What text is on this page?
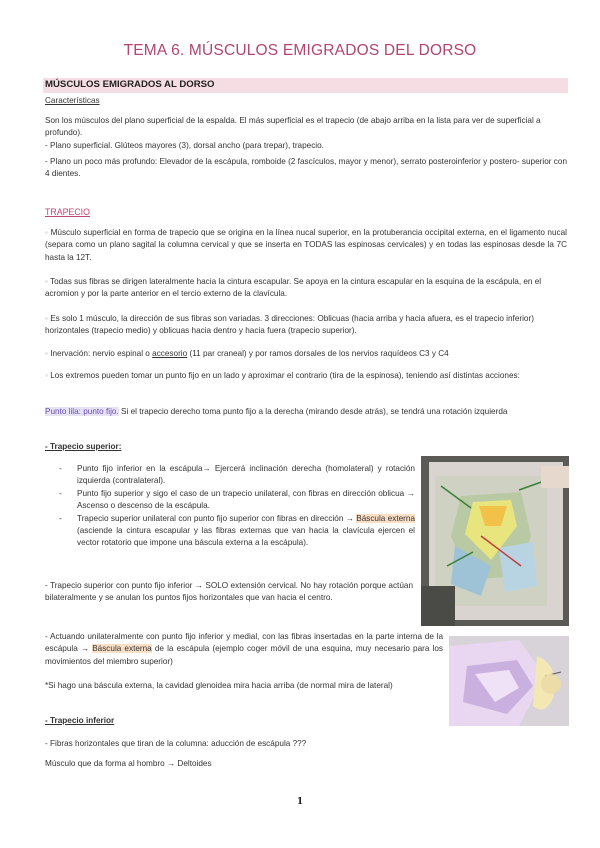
TEMA 6. MÚSCULOS EMIGRADOS DEL DORSO
MÚSCULOS EMIGRADOS AL DORSO
Características
Son los músculos del plano superficial de la espalda. El más superficial es el trapecio (de abajo arriba en la lista para ver de superficial a profundo).
- Plano superficial. Glúteos mayores (3), dorsal ancho (para trepar), trapecio.
- Plano un poco más profundo: Elevador de la escápula, romboide (2 fascículos, mayor y menor), serrato posteroinferior y postero- superior con 4 dientes.
TRAPECIO
◦ Músculo superficial en forma de trapecio que se origina en la línea nucal superior, en la protuberancia occipital externa, en el ligamento nucal (separa como un plano sagital la columna cervical y que se inserta en TODAS las espinosas cervicales) y en todas las espinosas desde la 7C hasta la 12T.
◦ Todas sus fibras se dirigen lateralmente hacia la cintura escapular. Se apoya en la cintura escapular en la esquina de la escápula, en el acromion y por la parte anterior en el tercio externo de la clavícula.
◦ Es solo 1 músculo, la dirección de sus fibras son variadas. 3 direcciones: Oblicuas (hacia arriba y hacia afuera, es el trapecio inferior) horizontales (trapecio medio) y oblicuas hacia dentro y hacia fuera (trapecio superior).
◦ Inervación: nervio espinal o accesorio (11 par craneal) y por ramos dorsales de los nervios raquídeos C3 y C4
◦ Los extremos pueden tomar un punto fijo en un lado y aproximar el contrario (tira de la espinosa), teniendo así distintas acciones:
Punto lila: punto fijo. Si el trapecio derecho toma punto fijo a la derecha (mirando desde atrás), se tendrá una rotación izquierda
- Trapecio superior:
- Punto fijo inferior en la escápula→ Ejercerá inclinación derecha (homolateral) y rotación izquierda (contralateral).
- Punto fijo superior y sigo el caso de un trapecio unilateral, con fibras en dirección oblicua → Ascenso o descenso de la escápula.
- Trapecio superior unilateral con punto fijo superior con fibras en dirección → Báscula externa (asciende la cintura escapular y las fibras externas que van hacia la clavícula ejercen el vector rotatorio que impone una báscula externa a la escápula).
- Trapecio superior con punto fijo inferior → SOLO extensión cervical. No hay rotación porque actúan bilateralmente y se anulan los puntos fijos horizontales que van hacia el centro.
- Actuando unilateralmente con punto fijo inferior y medial, con las fibras insertadas en la parte interna de la escápula → Báscula externa de la escápula (ejemplo coger móvil de una esquina, muy necesario para los movimientos del miembro superior)
*Si hago una báscula externa, la cavidad glenoidea mira hacia arriba (de normal mira de lateral)
- Trapecio inferior
- Fibras horizontales que tiran de la columna: aducción de escápula ???
Músculo que da forma al hombro → Deltoides
1
